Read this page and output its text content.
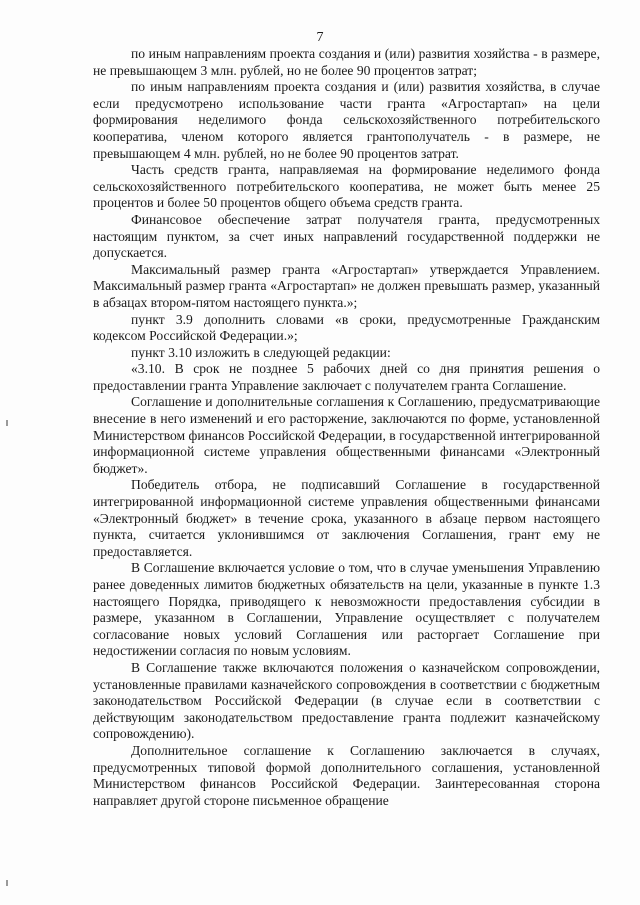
7

по иным направлениям проекта создания и (или) развития хозяйства - в размере, не превышающем 3 млн. рублей, но не более 90 процентов затрат;

по иным направлениям проекта создания и (или) развития хозяйства, в случае если предусмотрено использование части гранта «Агростартап» на цели формирования неделимого фонда сельскохозяйственного потребительского кооператива, членом которого является грантополучатель - в размере, не превышающем 4 млн. рублей, но не более 90 процентов затрат.

Часть средств гранта, направляемая на формирование неделимого фонда сельскохозяйственного потребительского кооператива, не может быть менее 25 процентов и более 50 процентов общего объема средств гранта.

Финансовое обеспечение затрат получателя гранта, предусмотренных настоящим пунктом, за счет иных направлений государственной поддержки не допускается.

Максимальный размер гранта «Агростартап» утверждается Управлением. Максимальный размер гранта «Агростартап» не должен превышать размер, указанный в абзацах втором-пятом настоящего пункта.»;

пункт 3.9 дополнить словами «в сроки, предусмотренные Гражданским кодексом Российской Федерации.»;

пункт 3.10 изложить в следующей редакции:

«3.10. В срок не позднее 5 рабочих дней со дня принятия решения о предоставлении гранта Управление заключает с получателем гранта Соглашение.

Соглашение и дополнительные соглашения к Соглашению, предусматривающие внесение в него изменений и его расторжение, заключаются по форме, установленной Министерством финансов Российской Федерации, в государственной интегрированной информационной системе управления общественными финансами «Электронный бюджет».

Победитель отбора, не подписавший Соглашение в государственной интегрированной информационной системе управления общественными финансами «Электронный бюджет» в течение срока, указанного в абзаце первом настоящего пункта, считается уклонившимся от заключения Соглашения, грант ему не предоставляется.

В Соглашение включается условие о том, что в случае уменьшения Управлению ранее доведенных лимитов бюджетных обязательств на цели, указанные в пункте 1.3 настоящего Порядка, приводящего к невозможности предоставления субсидии в размере, указанном в Соглашении, Управление осуществляет с получателем согласование новых условий Соглашения или расторгает Соглашение при недостижении согласия по новым условиям.

В Соглашение также включаются положения о казначейском сопровождении, установленные правилами казначейского сопровождения в соответствии с бюджетным законодательством Российской Федерации (в случае если в соответствии с действующим законодательством предоставление гранта подлежит казначейскому сопровождению).

Дополнительное соглашение к Соглашению заключается в случаях, предусмотренных типовой формой дополнительного соглашения, установленной Министерством финансов Российской Федерации. Заинтересованная сторона направляет другой стороне письменное обращение
